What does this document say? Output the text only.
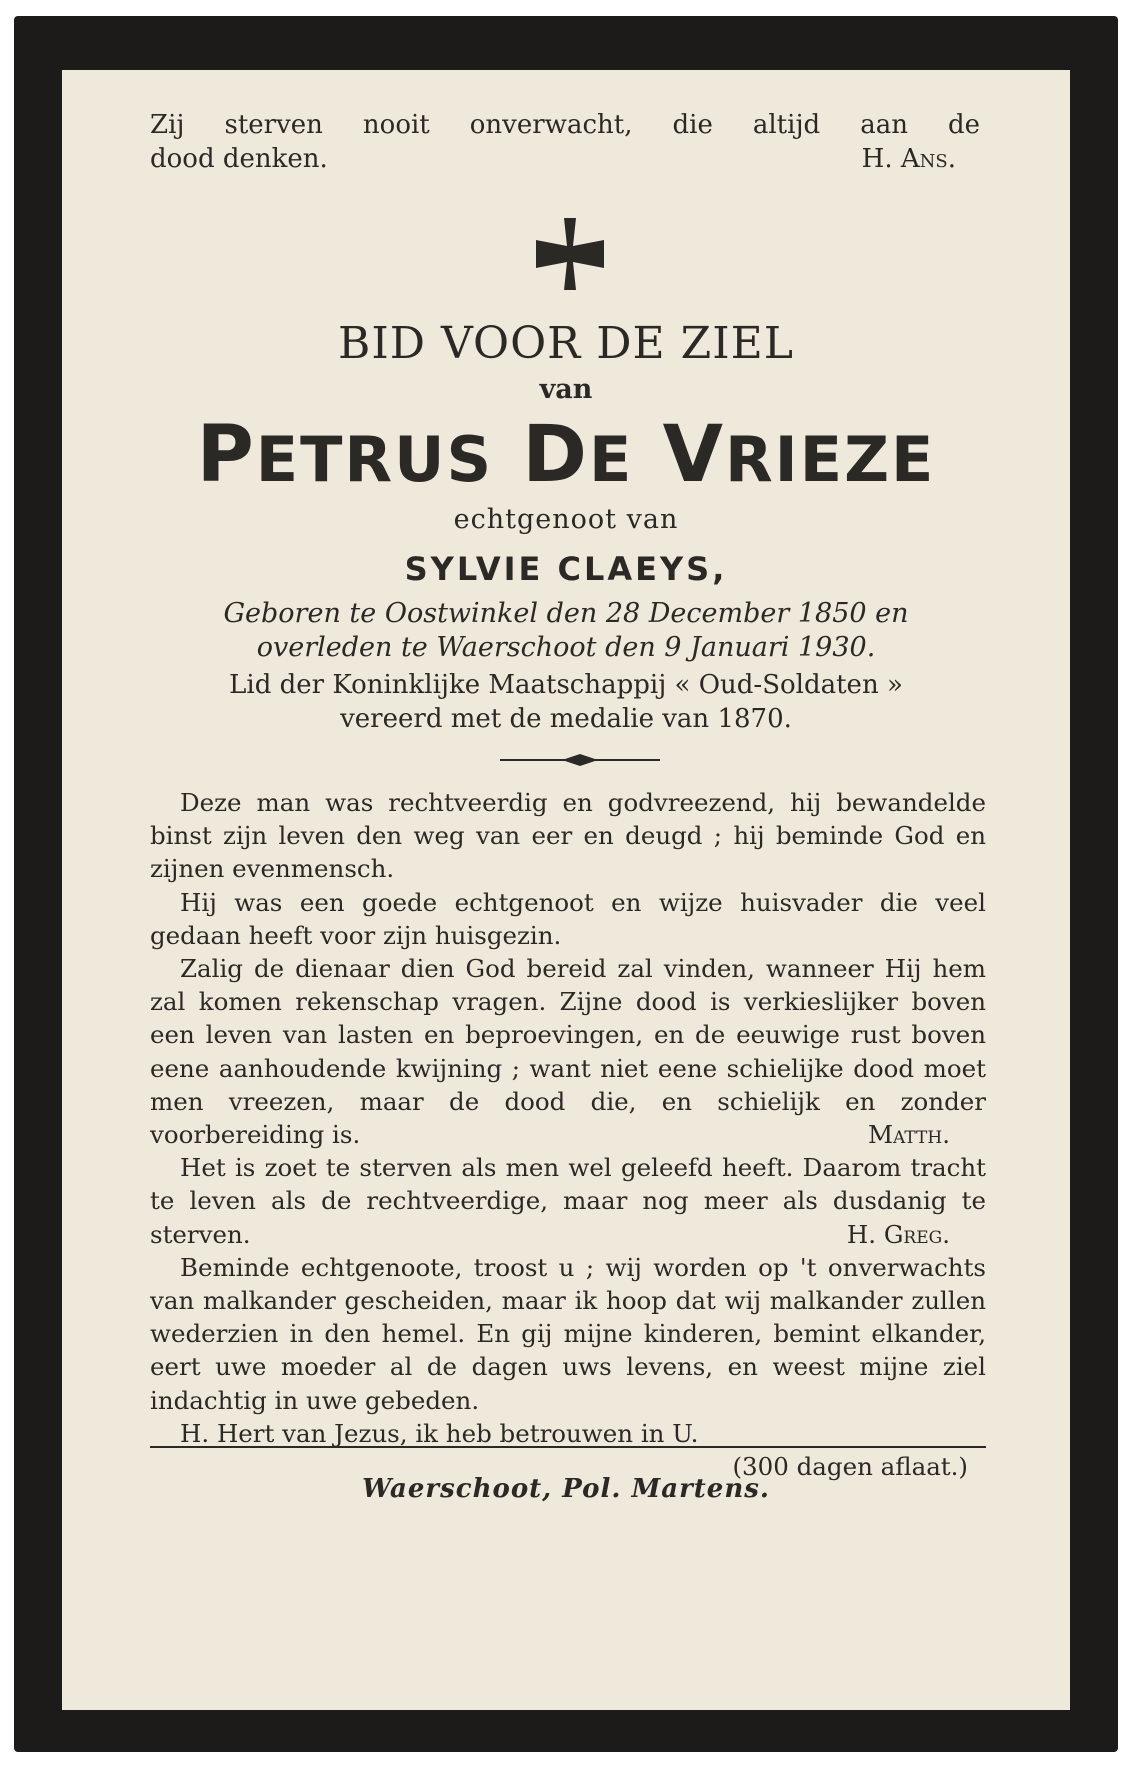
Zij sterven nooit onverwacht, die altijd aan de
dood denken.	H. Ans.
BID VOOR DE ZIEL
van
PETRUS DE VRIEZE
echtgenoot van
SYLVIE CLAEYS,
Geboren te Oostwinkel den 28 December 1850 en
overleden te Waerschoot den 9 Januari 1930.
Lid der Koninklijke Maatschappij « Oud-Soldaten »
vereerd met de medalie van 1870.

Deze man was rechtveerdig en godvreezend, hij bewandelde binst zijn leven den weg van eer en deugd ; hij beminde God en zijnen evenmensch.

Hij was een goede echtgenoot en wijze huisvader die veel gedaan heeft voor zijn huisgezin.

Zalig de dienaar dien God bereid zal vinden, wanneer Hij hem zal komen rekenschap vragen. Zijne dood is verkieslijker boven een leven van lasten en beproevingen, en de eeuwige rust boven eene aanhoudende kwijning ; want niet eene schielijke dood moet men vreezen, maar de dood die, en schielijk en zonder voorbereiding is.	Matth.

Het is zoet te sterven als men wel geleefd heeft. Daarom tracht te leven als de rechtveerdige, maar nog meer als dusdanig te sterven.	H. Greg.

Beminde echtgenoote, troost u ; wij worden op 't onverwachts van malkander gescheiden, maar ik hoop dat wij malkander zullen wederzien in den hemel. En gij mijne kinderen, bemint elkander, eert uwe moeder al de dagen uws levens, en weest mijne ziel indachtig in uwe gebeden.

H. Hert van Jezus, ik heb betrouwen in U.

(300 dagen aflaat.)
Waerschoot, Pol. Martens.
